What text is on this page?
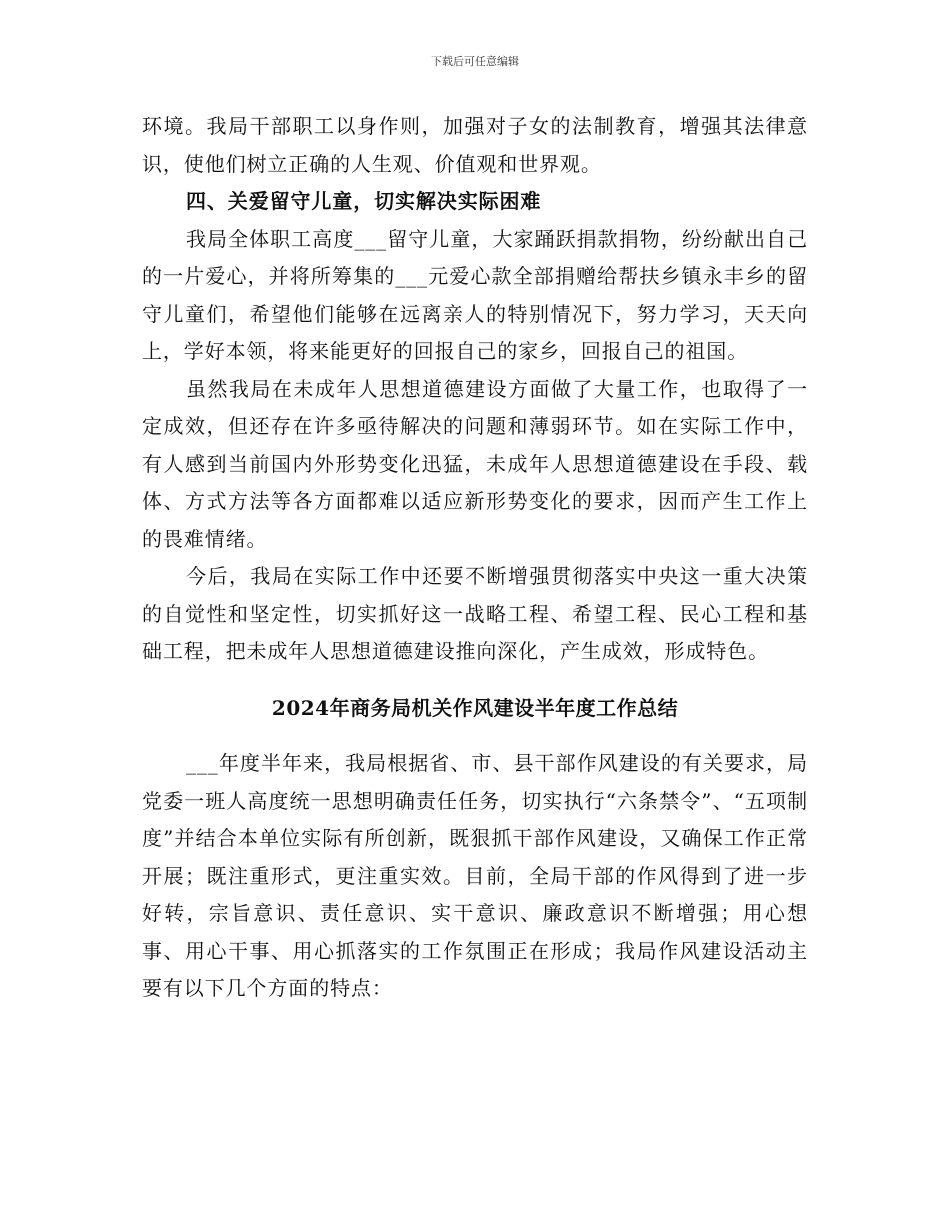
下载后可任意编辑

环境。我局干部职工以身作则，加强对子女的法制教育，增强其法律意识，使他们树立正确的人生观、价值观和世界观。

四、关爱留守儿童，切实解决实际困难

我局全体职工高度___留守儿童，大家踊跃捐款捐物，纷纷献出自己的一片爱心，并将所筹集的___元爱心款全部捐赠给帮扶乡镇永丰乡的留守儿童们，希望他们能够在远离亲人的特别情况下，努力学习，天天向上，学好本领，将来能更好的回报自己的家乡，回报自己的祖国。

虽然我局在未成年人思想道德建设方面做了大量工作，也取得了一定成效，但还存在许多亟待解决的问题和薄弱环节。如在实际工作中，有人感到当前国内外形势变化迅猛，未成年人思想道德建设在手段、载体、方式方法等各方面都难以适应新形势变化的要求，因而产生工作上的畏难情绪。

今后，我局在实际工作中还要不断增强贯彻落实中央这一重大决策的自觉性和坚定性，切实抓好这一战略工程、希望工程、民心工程和基础工程，把未成年人思想道德建设推向深化，产生成效，形成特色。

2024年商务局机关作风建设半年度工作总结

___年度半年来，我局根据省、市、县干部作风建设的有关要求，局党委一班人高度统一思想明确责任任务，切实执行“六条禁令”、“五项制度”并结合本单位实际有所创新，既狠抓干部作风建设，又确保工作正常开展；既注重形式，更注重实效。目前，全局干部的作风得到了进一步好转，宗旨意识、责任意识、实干意识、廉政意识不断增强；用心想事、用心干事、用心抓落实的工作氛围正在形成；我局作风建设活动主要有以下几个方面的特点：
